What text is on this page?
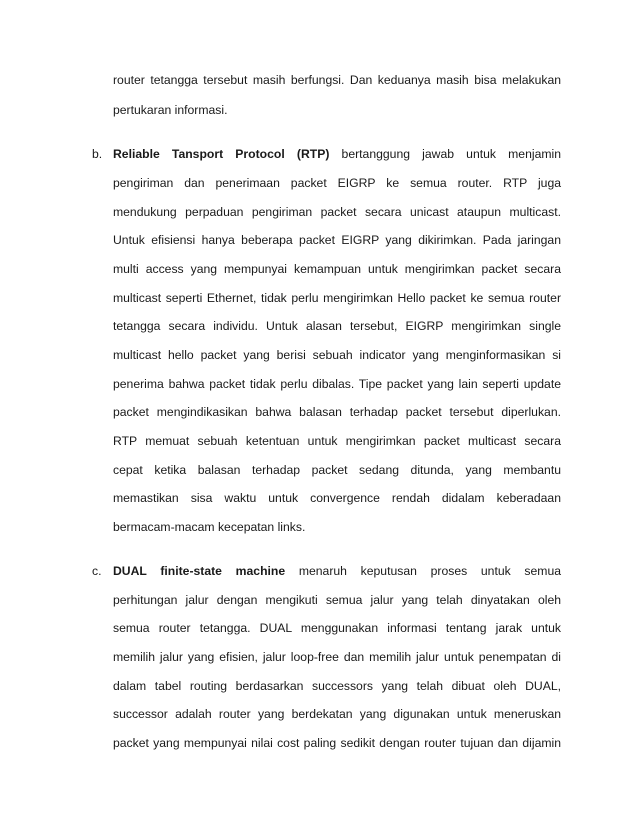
router tetangga tersebut masih berfungsi. Dan keduanya masih bisa melakukan
pertukaran informasi.
b. Reliable Tansport Protocol (RTP) bertanggung jawab untuk menjamin
pengiriman dan penerimaan packet EIGRP ke semua router. RTP juga
mendukung perpaduan pengiriman packet secara unicast ataupun multicast.
Untuk efisiensi hanya beberapa packet EIGRP yang dikirimkan. Pada jaringan
multi access yang mempunyai kemampuan untuk mengirimkan packet secara
multicast seperti Ethernet, tidak perlu mengirimkan Hello packet ke semua router
tetangga secara individu. Untuk alasan tersebut, EIGRP mengirimkan single
multicast hello packet yang berisi sebuah indicator yang menginformasikan si
penerima bahwa packet tidak perlu dibalas. Tipe packet yang lain seperti update
packet mengindikasikan bahwa balasan terhadap packet tersebut diperlukan.
RTP memuat sebuah ketentuan untuk mengirimkan packet multicast secara
cepat ketika balasan terhadap packet sedang ditunda, yang membantu
memastikan sisa waktu untuk convergence rendah didalam keberadaan
bermacam-macam kecepatan links.
c. DUAL finite-state machine menaruh keputusan proses untuk semua
perhitungan jalur dengan mengikuti semua jalur yang telah dinyatakan oleh
semua router tetangga. DUAL menggunakan informasi tentang jarak untuk
memilih jalur yang efisien, jalur loop-free dan memilih jalur untuk penempatan di
dalam tabel routing berdasarkan successors yang telah dibuat oleh DUAL,
successor adalah router yang berdekatan yang digunakan untuk meneruskan
packet yang mempunyai nilai cost paling sedikit dengan router tujuan dan dijamin
